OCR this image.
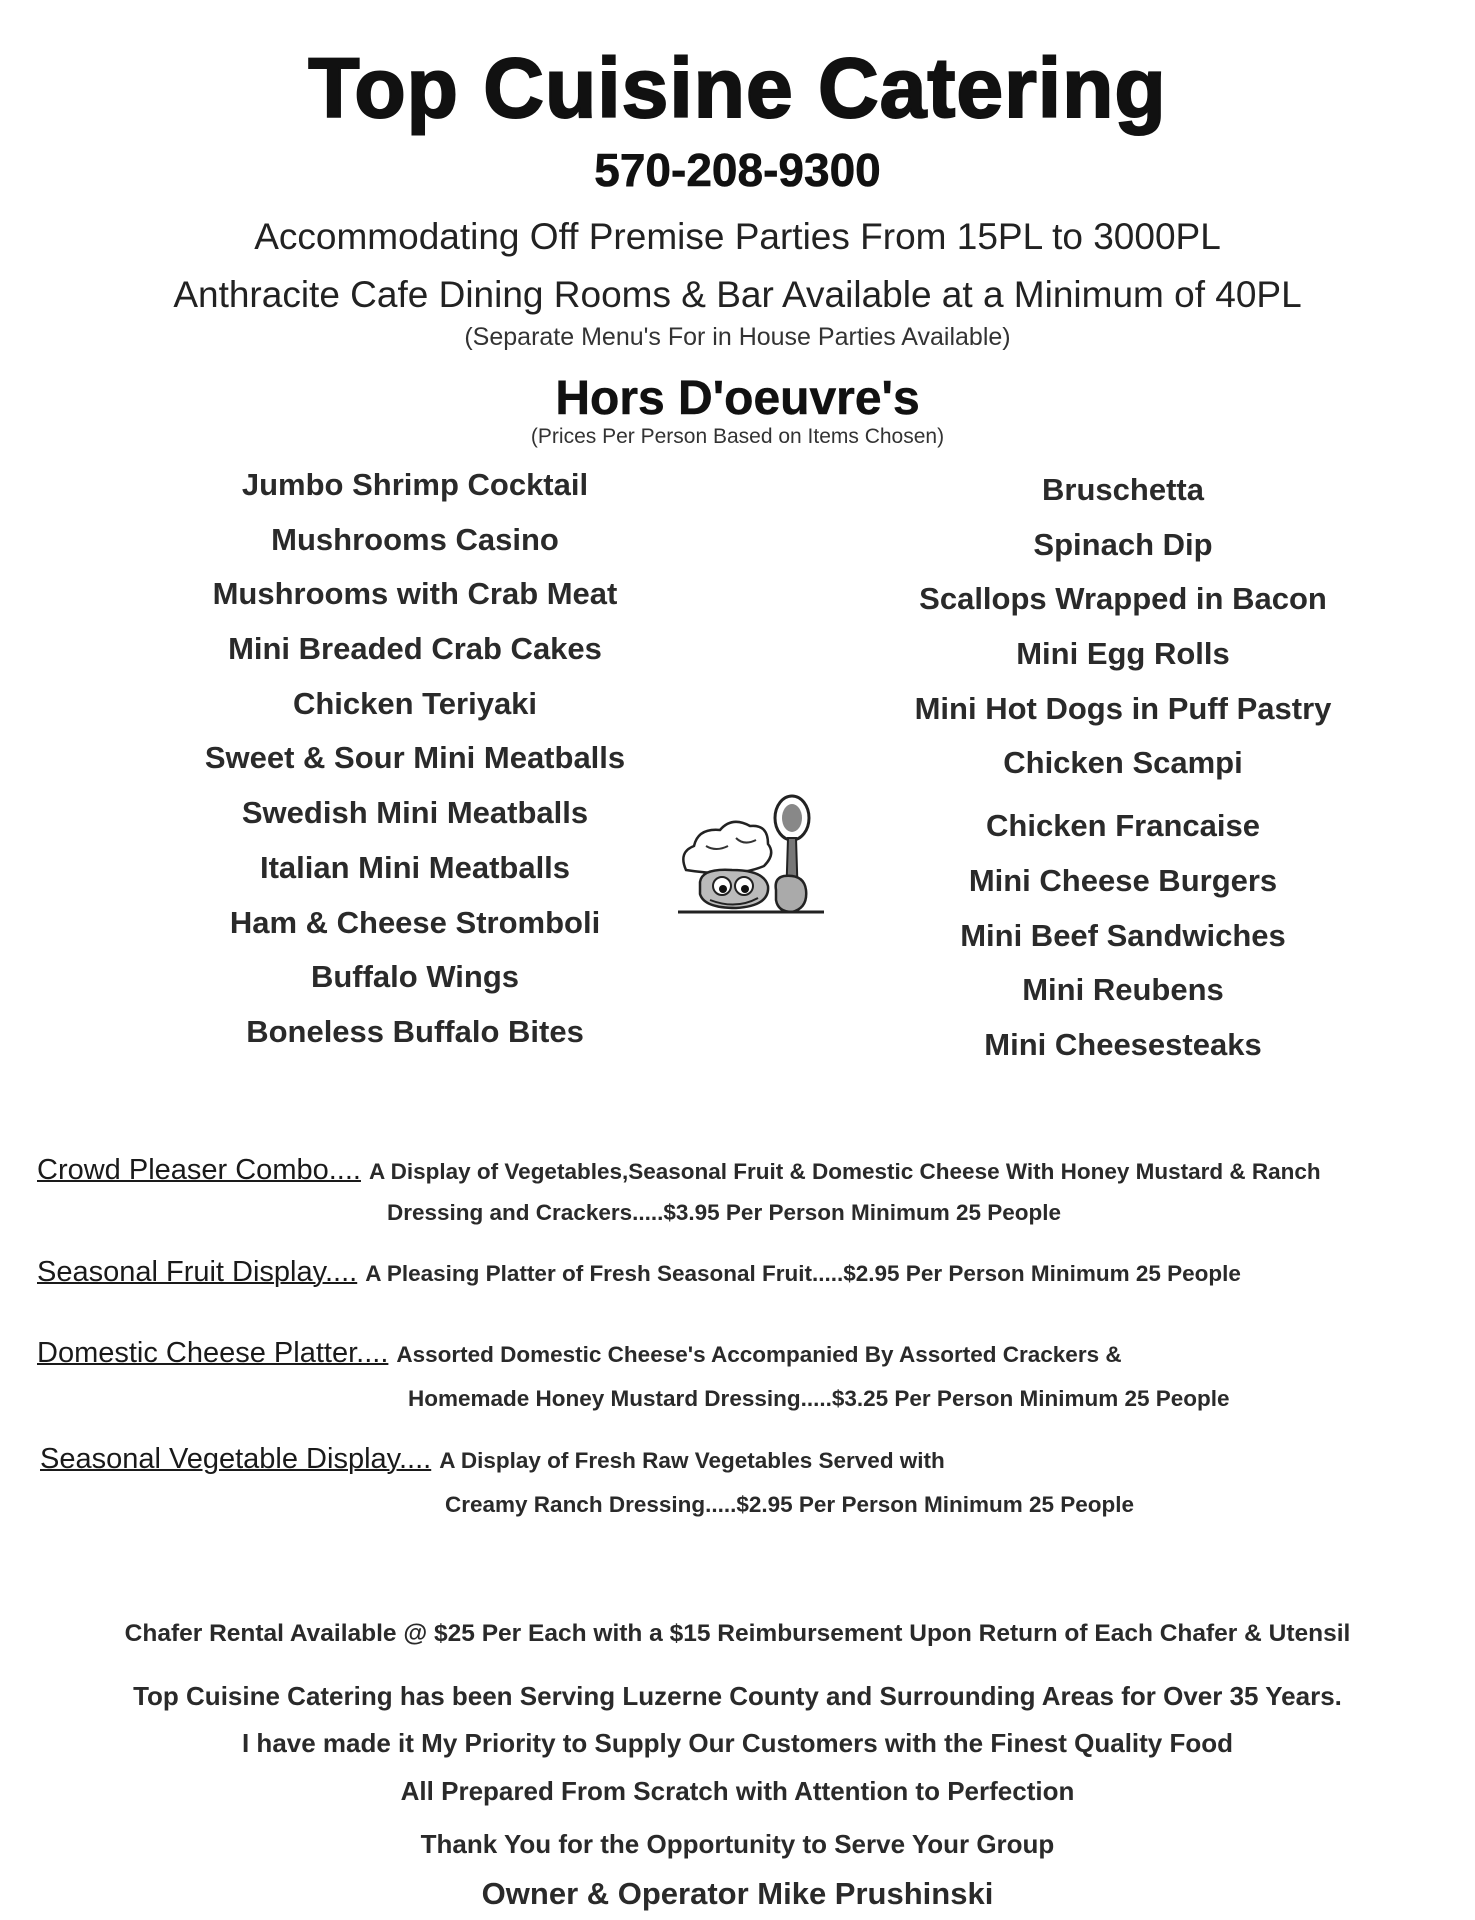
Top Cuisine Catering
570-208-9300
Accommodating Off Premise Parties From 15PL to 3000PL
Anthracite Cafe Dining Rooms & Bar Available at a Minimum of 40PL
(Separate Menu's For in House Parties Available)
Hors D'oeuvre's
(Prices Per Person Based on Items Chosen)
Jumbo Shrimp Cocktail
Mushrooms Casino
Mushrooms with Crab Meat
Mini Breaded Crab Cakes
Chicken Teriyaki
Sweet & Sour Mini Meatballs
Swedish Mini Meatballs
Italian Mini Meatballs
Ham & Cheese Stromboli
Buffalo Wings
Boneless Buffalo Bites
Bruschetta
Spinach Dip
Scallops Wrapped in Bacon
Mini Egg Rolls
Mini Hot Dogs in Puff Pastry
Chicken Scampi
Chicken Francaise
Mini Cheese Burgers
Mini Beef Sandwiches
Mini Reubens
Mini Cheesesteaks
Crowd Pleaser Combo.... A Display of Vegetables,Seasonal Fruit & Domestic Cheese With Honey Mustard & Ranch
Dressing and Crackers.....$3.95 Per Person Minimum 25 People
Seasonal Fruit Display.... A Pleasing Platter of Fresh Seasonal Fruit.....$2.95 Per Person Minimum 25 People
Domestic Cheese Platter.... Assorted Domestic Cheese's Accompanied By Assorted Crackers &
Homemade Honey Mustard Dressing.....$3.25 Per Person Minimum 25 People
Seasonal Vegetable Display.... A Display of Fresh Raw Vegetables Served with
Creamy Ranch Dressing.....$2.95 Per Person Minimum 25 People
Chafer Rental Available @ $25 Per Each with a $15 Reimbursement Upon Return of Each Chafer & Utensil
Top Cuisine Catering has been Serving Luzerne County and Surrounding Areas for Over 35 Years.
I have made it My Priority to Supply Our Customers with the Finest Quality Food
All Prepared From Scratch with Attention to Perfection
Thank You for the Opportunity to Serve Your Group
Owner & Operator Mike Prushinski
